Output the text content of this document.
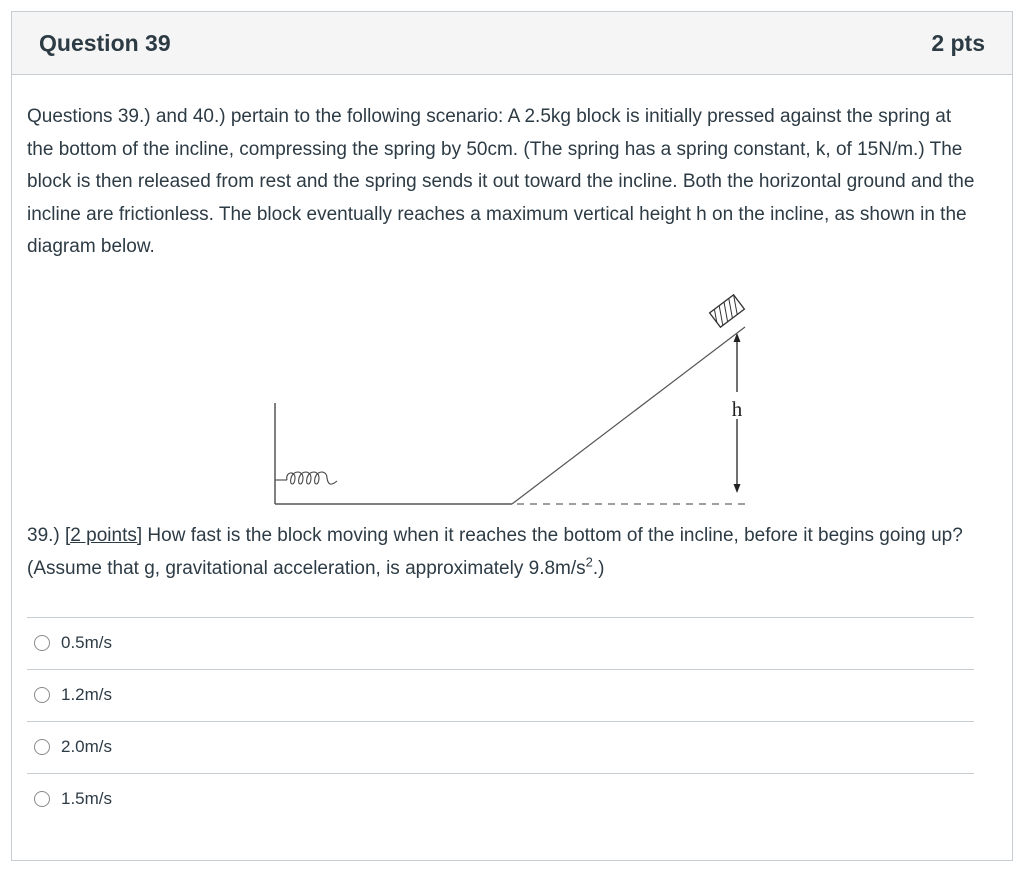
Question 39	2 pts
Questions 39.) and 40.) pertain to the following scenario: A 2.5kg block is initially pressed against the spring at the bottom of the incline, compressing the spring by 50cm. (The spring has a spring constant, k, of 15N/m.) The block is then released from rest and the spring sends it out toward the incline. Both the horizontal ground and the incline are frictionless. The block eventually reaches a maximum vertical height h on the incline, as shown in the diagram below.
h
39.) [2 points] How fast is the block moving when it reaches the bottom of the incline, before it begins going up? (Assume that g, gravitational acceleration, is approximately $9.8m/s^2$.)
0.5m/s
1.2m/s
2.0m/s
1.5m/s
